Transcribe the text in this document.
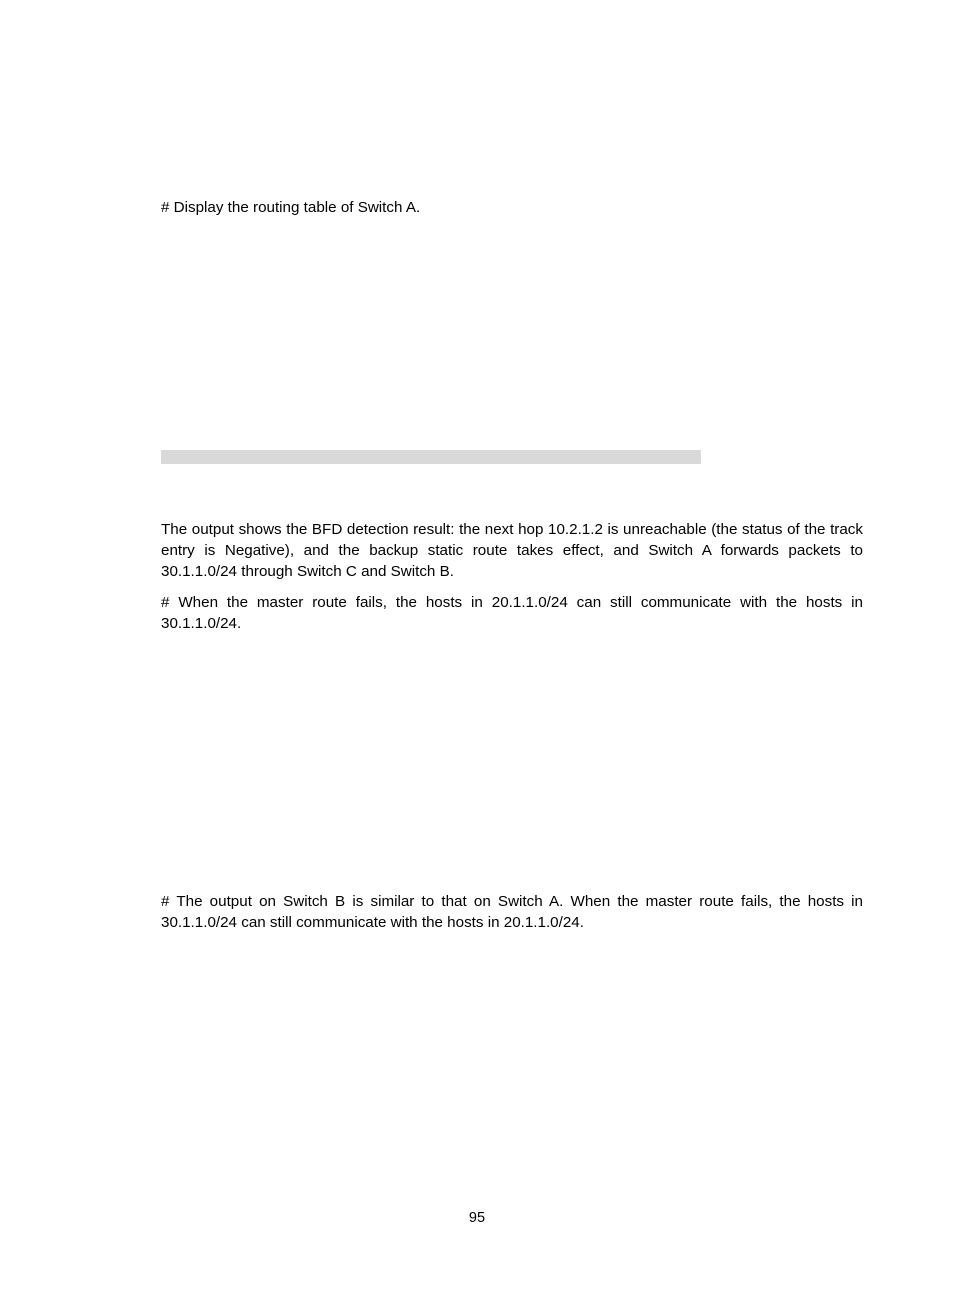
# Display the routing table of Switch A.

The output shows the BFD detection result: the next hop 10.2.1.2 is unreachable (the status of the track entry is Negative), and the backup static route takes effect, and Switch A forwards packets to 30.1.1.0/24 through Switch C and Switch B.

# When the master route fails, the hosts in 20.1.1.0/24 can still communicate with the hosts in 30.1.1.0/24.

# The output on Switch B is similar to that on Switch A. When the master route fails, the hosts in 30.1.1.0/24 can still communicate with the hosts in 20.1.1.0/24.

95
